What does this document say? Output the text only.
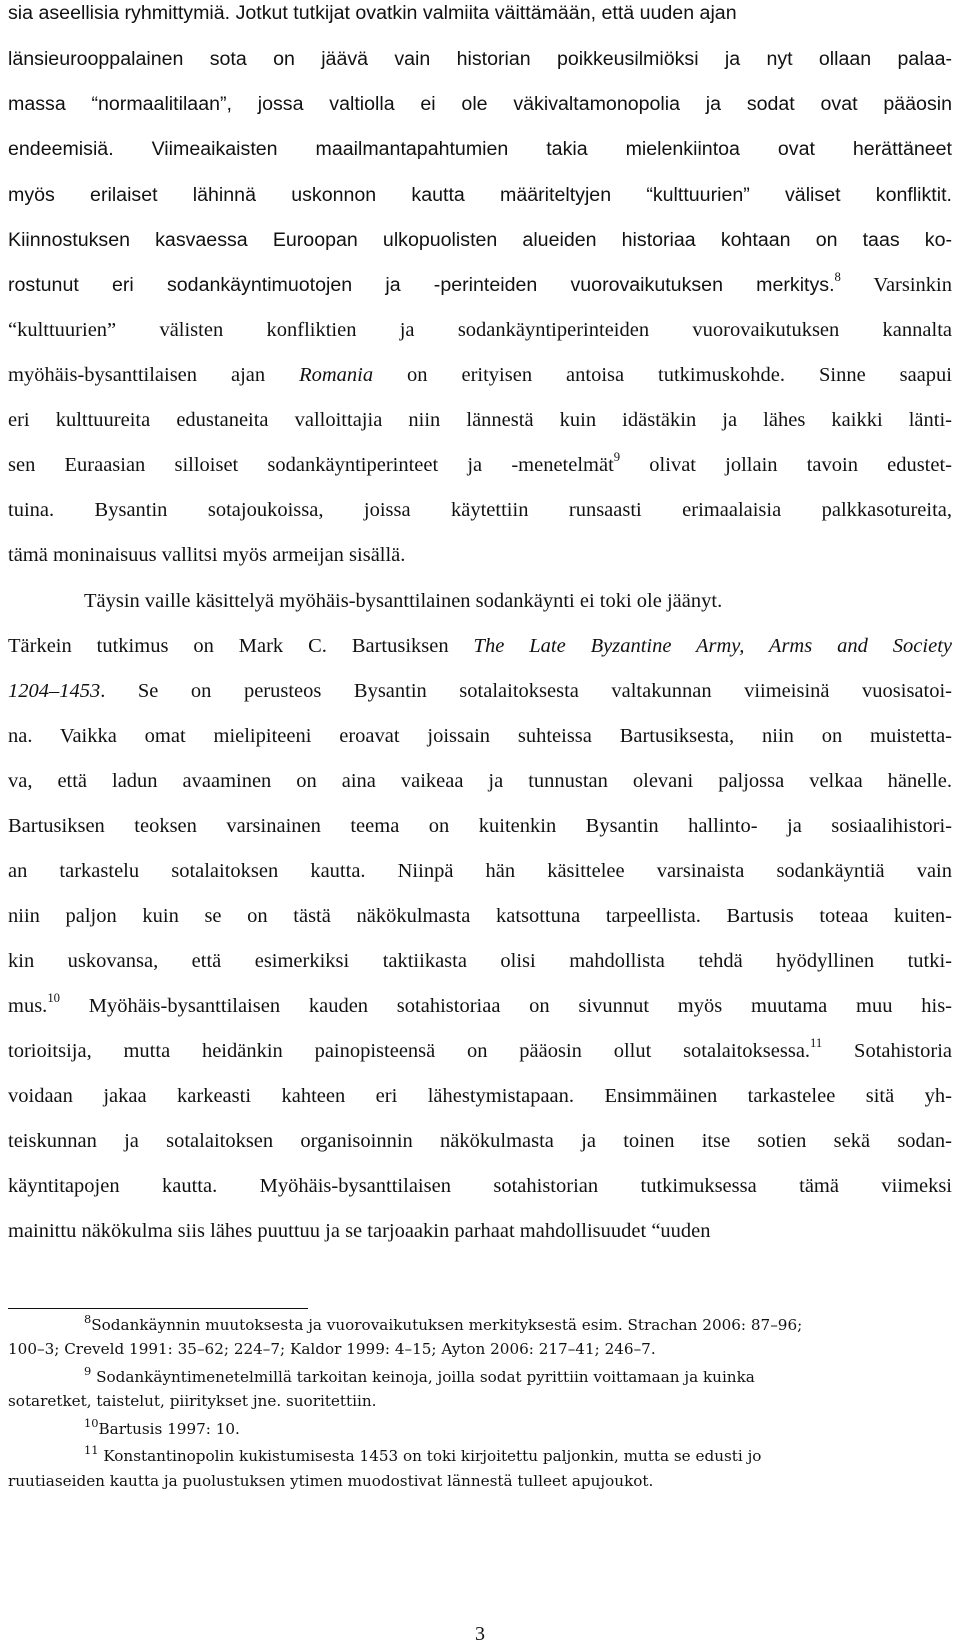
sia aseellisia ryhmittymiä. Jotkut tutkijat ovatkin valmiita väittämään, että uuden ajan
länsieurooppalainen sota on jäävä vain historian poikkeusilmiöksi ja nyt ollaan palaa-
massa “normaalitilaan”, jossa valtiolla ei ole väkivaltamonopolia ja sodat ovat pääosin
endeemisiä. Viimeaikaisten maailmantapahtumien takia mielenkiintoa ovat herättäneet
myös erilaiset lähinnä uskonnon kautta määriteltyjen “kulttuurien” väliset konfliktit.
Kiinnostuksen kasvaessa Euroopan ulkopuolisten alueiden historiaa kohtaan on taas ko-
rostunut eri sodankäyntimuotojen ja -perinteiden vuorovaikutuksen merkitys.$^8$ Varsinkin
“kulttuurien” välisten konfliktien ja sodankäyntiperinteiden vuorovaikutuksen kannalta
myöhäis-bysanttilaisen ajan Romania on erityisen antoisa tutkimuskohde. Sinne saapui
eri kulttuureita edustaneita valloittajia niin lännestä kuin idästäkin ja lähes kaikki länti-
sen Euraasian silloiset sodankäyntiperinteet ja -menetelmät$^9$ olivat jollain tavoin edustet-
tuina. Bysantin sotajoukoissa, joissa käytettiin runsaasti erimaalaisia palkkasotureita,
tämä moninaisuus vallitsi myös armeijan sisällä.
Täysin vaille käsittelyä myöhäis-bysanttilainen sodankäynti ei toki ole jäänyt.
Tärkein tutkimus on Mark C. Bartusiksen The Late Byzantine Army, Arms and Society
1204–1453. Se on perusteos Bysantin sotalaitoksesta valtakunnan viimeisinä vuosisatoi-
na. Vaikka omat mielipiteeni eroavat joissain suhteissa Bartusiksesta, niin on muistetta-
va, että ladun avaaminen on aina vaikeaa ja tunnustan olevani paljossa velkaa hänelle.
Bartusiksen teoksen varsinainen teema on kuitenkin Bysantin hallinto- ja sosiaalihistori-
an tarkastelu sotalaitoksen kautta. Niinpä hän käsittelee varsinaista sodankäyntiä vain
niin paljon kuin se on tästä näkökulmasta katsottuna tarpeellista. Bartusis toteaa kuiten-
kin uskovansa, että esimerkiksi taktiikasta olisi mahdollista tehdä hyödyllinen tutki-
mus.$^{10}$ Myöhäis-bysanttilaisen kauden sotahistoriaa on sivunnut myös muutama muu his-
torioitsija, mutta heidänkin painopisteensä on pääosin ollut sotalaitoksessa.$^{11}$ Sotahistoria
voidaan jakaa karkeasti kahteen eri lähestymistapaan. Ensimmäinen tarkastelee sitä yh-
teiskunnan ja sotalaitoksen organisoinnin näkökulmasta ja toinen itse sotien sekä sodan-
käyntitapojen kautta. Myöhäis-bysanttilaisen sotahistorian tutkimuksessa tämä viimeksi
mainittu näkökulma siis lähes puuttuu ja se tarjoaakin parhaat mahdollisuudet “uuden
$^8$Sodankäynnin muutoksesta ja vuorovaikutuksen merkityksestä esim. Strachan 2006: 87–96;
100–3; Creveld 1991: 35–62; 224–7; Kaldor 1999: 4–15; Ayton 2006: 217–41; 246–7.
$^9$ Sodankäyntimenetelmillä tarkoitan keinoja, joilla sodat pyrittiin voittamaan ja kuinka
sotaretket, taistelut, piiritykset jne. suoritettiin.
$^{10}$Bartusis 1997: 10.
$^{11}$ Konstantinopolin kukistumisesta 1453 on toki kirjoitettu paljonkin, mutta se edusti jo
ruutiaseiden kautta ja puolustuksen ytimen muodostivat lännestä tulleet apujoukot.
3
